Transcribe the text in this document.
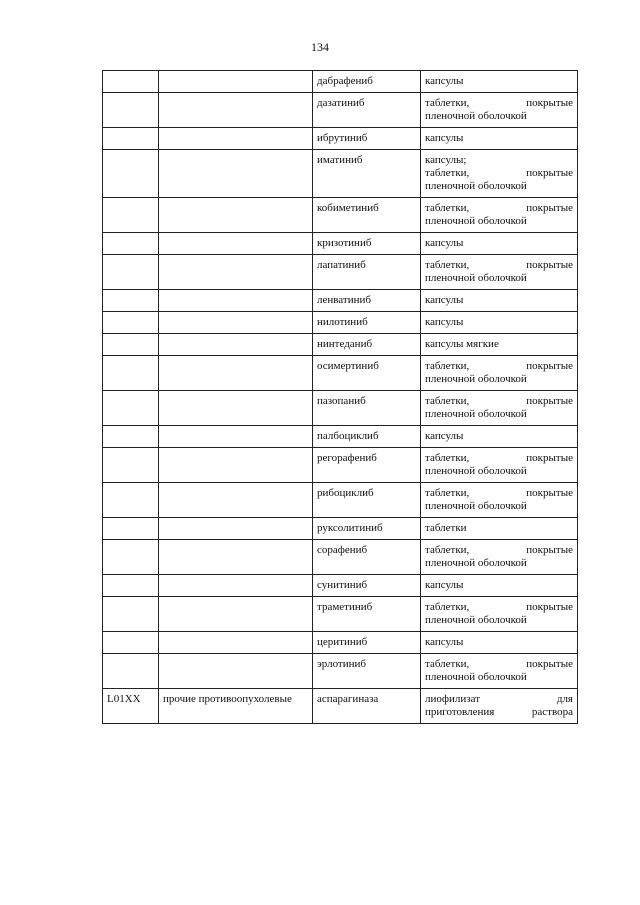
134
		дабрафениб	капсулы

		дазатиниб	таблетки, покрытые
пленочной оболочкой

		ибрутиниб	капсулы

		иматиниб	капсулы;
таблетки, покрытые
пленочной оболочкой

		кобиметиниб	таблетки, покрытые
пленочной оболочкой

		кризотиниб	капсулы

		лапатиниб	таблетки, покрытые
пленочной оболочкой

		ленватиниб	капсулы

		нилотиниб	капсулы

		нинтеданиб	капсулы мягкие

		осимертиниб	таблетки, покрытые
пленочной оболочкой

		пазопаниб	таблетки, покрытые
пленочной оболочкой

		палбоциклиб	капсулы

		регорафениб	таблетки, покрытые
пленочной оболочкой

		рибоциклиб	таблетки, покрытые
пленочной оболочкой

		руксолитиниб	таблетки

		сорафениб	таблетки, покрытые
пленочной оболочкой

		сунитиниб	капсулы

		траметиниб	таблетки, покрытые
пленочной оболочкой

		церитиниб	капсулы

		эрлотиниб	таблетки, покрытые
пленочной оболочкой

L01XX	прочие противоопухолевые	аспарагиназа	лиофилизат для
приготовления раствора
